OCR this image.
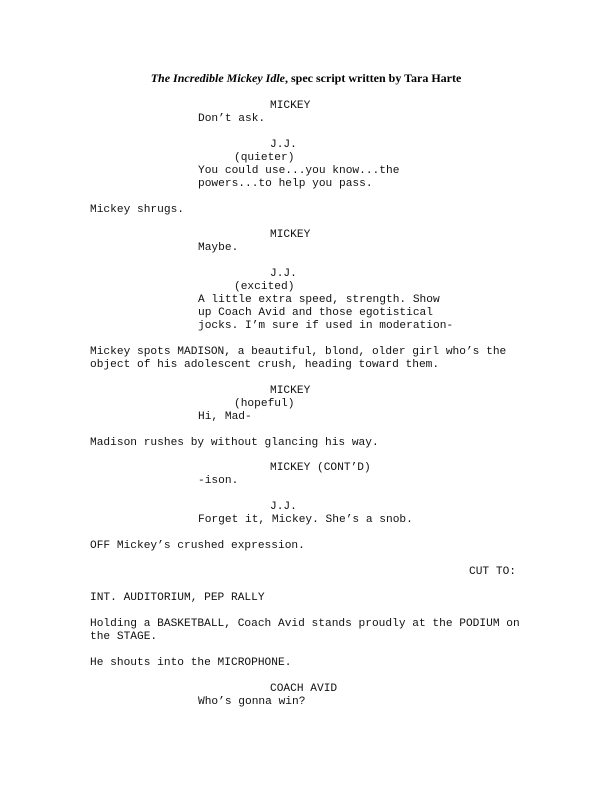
The Incredible Mickey Idle, spec script written by Tara Harte
MICKEY
Don’t ask.
J.J.
(quieter)
You could use...you know...the
powers...to help you pass.
Mickey shrugs.
MICKEY
Maybe.
J.J.
(excited)
A little extra speed, strength. Show
up Coach Avid and those egotistical
jocks. I’m sure if used in moderation-
Mickey spots MADISON, a beautiful, blond, older girl who’s the
object of his adolescent crush, heading toward them.
MICKEY
(hopeful)
Hi, Mad-
Madison rushes by without glancing his way.
MICKEY (CONT’D)
-ison.
J.J.
Forget it, Mickey. She’s a snob.
OFF Mickey’s crushed expression.
CUT TO:
INT. AUDITORIUM, PEP RALLY
Holding a BASKETBALL, Coach Avid stands proudly at the PODIUM on
the STAGE.
He shouts into the MICROPHONE.
COACH AVID
Who’s gonna win?
